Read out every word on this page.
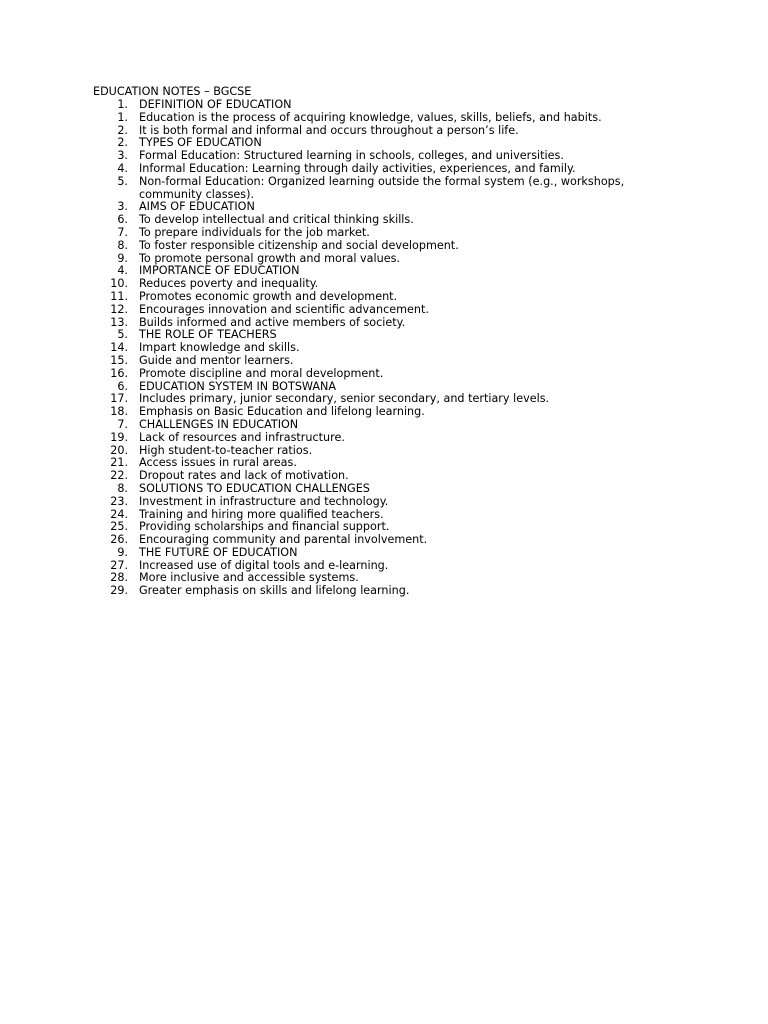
EDUCATION NOTES – BGCSE
1. DEFINITION OF EDUCATION
1. Education is the process of acquiring knowledge, values, skills, beliefs, and habits.
2. It is both formal and informal and occurs throughout a person’s life.
2. TYPES OF EDUCATION
3. Formal Education: Structured learning in schools, colleges, and universities.
4. Informal Education: Learning through daily activities, experiences, and family.
5. Non-formal Education: Organized learning outside the formal system (e.g., workshops, community classes).
3. AIMS OF EDUCATION
6. To develop intellectual and critical thinking skills.
7. To prepare individuals for the job market.
8. To foster responsible citizenship and social development.
9. To promote personal growth and moral values.
4. IMPORTANCE OF EDUCATION
10. Reduces poverty and inequality.
11. Promotes economic growth and development.
12. Encourages innovation and scientific advancement.
13. Builds informed and active members of society.
5. THE ROLE OF TEACHERS
14. Impart knowledge and skills.
15. Guide and mentor learners.
16. Promote discipline and moral development.
6. EDUCATION SYSTEM IN BOTSWANA
17. Includes primary, junior secondary, senior secondary, and tertiary levels.
18. Emphasis on Basic Education and lifelong learning.
7. CHALLENGES IN EDUCATION
19. Lack of resources and infrastructure.
20. High student-to-teacher ratios.
21. Access issues in rural areas.
22. Dropout rates and lack of motivation.
8. SOLUTIONS TO EDUCATION CHALLENGES
23. Investment in infrastructure and technology.
24. Training and hiring more qualified teachers.
25. Providing scholarships and financial support.
26. Encouraging community and parental involvement.
9. THE FUTURE OF EDUCATION
27. Increased use of digital tools and e-learning.
28. More inclusive and accessible systems.
29. Greater emphasis on skills and lifelong learning.
